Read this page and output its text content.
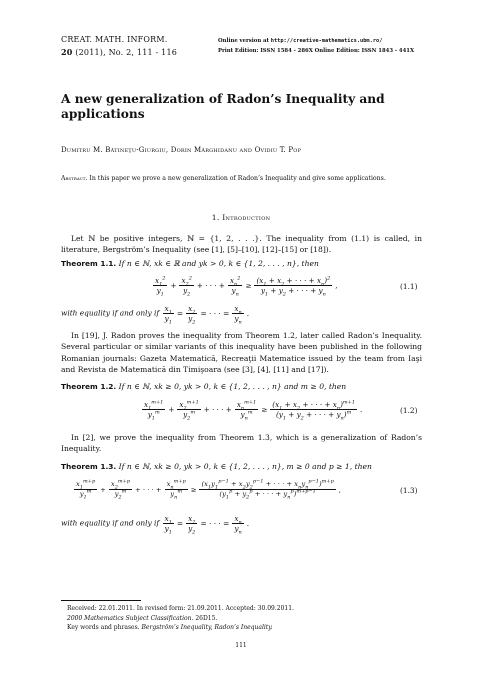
CREAT. MATH. INFORM.
20 (2011), No. 2, 111 - 116
Online version at http://creative-mathematics.ubm.ro/
Print Edition: ISSN 1584 - 286X Online Edition: ISSN 1843 - 441X
A new generalization of Radon’s Inequality and applications
Dumitru M. Bătineţu-Giurgiu, Dorin Mărghidanu and Ovidiu T. Pop
Abstract. In this paper we prove a new generalization of Radon’s Inequality and give some applications.
1. Introduction
Let ℕ be positive integers, ℕ = {1, 2, . . .}. The inequality from (1.1) is called, in literature, Bergström’s Inequality (see [1], [5]–[10], [12]–[15] or [18]).
Theorem 1.1. If n ∈ ℕ, xk ∈ ℝ and yk > 0, k ∈ {1, 2, . . . , n}, then
$\frac{x_1^2}{y_1} + \frac{x_2^2}{y_2}$ + · · · + $\frac{x_n^2}{y_n} \ge \frac{(x_1 + x_2 + \cdot \cdot \cdot + x_n)^2}{y_1 + y_2 + \cdot \cdot \cdot + y_n}$ ,	(1.1)
with equality if and only if $\frac{x_1}{y_1} = \frac{x_2}{y_2}$ = · · · = $\frac{x_n}{y_n}$ .
In [19], J. Radon proves the inequality from Theorem 1.2, later called Radon’s Inequality. Several particular or similar variants of this inequality have been published in the following Romanian journals: Gazeta Matematică, Recreaţii Matematice issued by the team from Iaşi and Revista de Matematică din Timişoara (see [3], [4], [11] and [17]).
Theorem 1.2. If n ∈ ℕ, xk ≥ 0, yk > 0, k ∈ {1, 2, . . . , n} and m ≥ 0, then
$\frac{x_1^{m+1}}{y_1^m} + \frac{x_2^{m+1}}{y_2^m}$ + · · · + $\frac{x_n^{m+1}}{y_n^m} \ge \frac{(x_1 + x_2 + \cdot \cdot \cdot + x_n)^{m+1}}{(y_1 + y_2 + \cdot \cdot \cdot + y_n)^m}$ .	(1.2)
In [2], we prove the inequality from Theorem 1.3, which is a generalization of Radon’s Inequality.
Theorem 1.3. If n ∈ ℕ, xk ≥ 0, yk > 0, k ∈ {1, 2, . . . , n}, m ≥ 0 and p ≥ 1, then
$\frac{x_1^{m+p}}{y_1^m} + \frac{x_2^{m+p}}{y_2^m}$ + · · · + $\frac{x_n^{m+p}}{y_n^m} \ge \frac{(x_1y_1^{p-1} + x_2y_2^{p-1} + \cdot \cdot \cdot + x_ny_n^{p-1})^{m+p}}{(y_1^p + y_2^p + \cdot \cdot \cdot + y_n^p)^{m+p-1}}$ ,	(1.3)
with equality if and only if $\frac{x_1}{y_1} = \frac{x_2}{y_2}$ = · · · = $\frac{x_n}{y_n}$ .
Received: 22.01.2011. In revised form: 21.09.2011. Accepted: 30.09.2011.
2000 Mathematics Subject Classification. 26D15.
Key words and phrases. Bergström’s Inequality, Radon’s Inequality.
111
